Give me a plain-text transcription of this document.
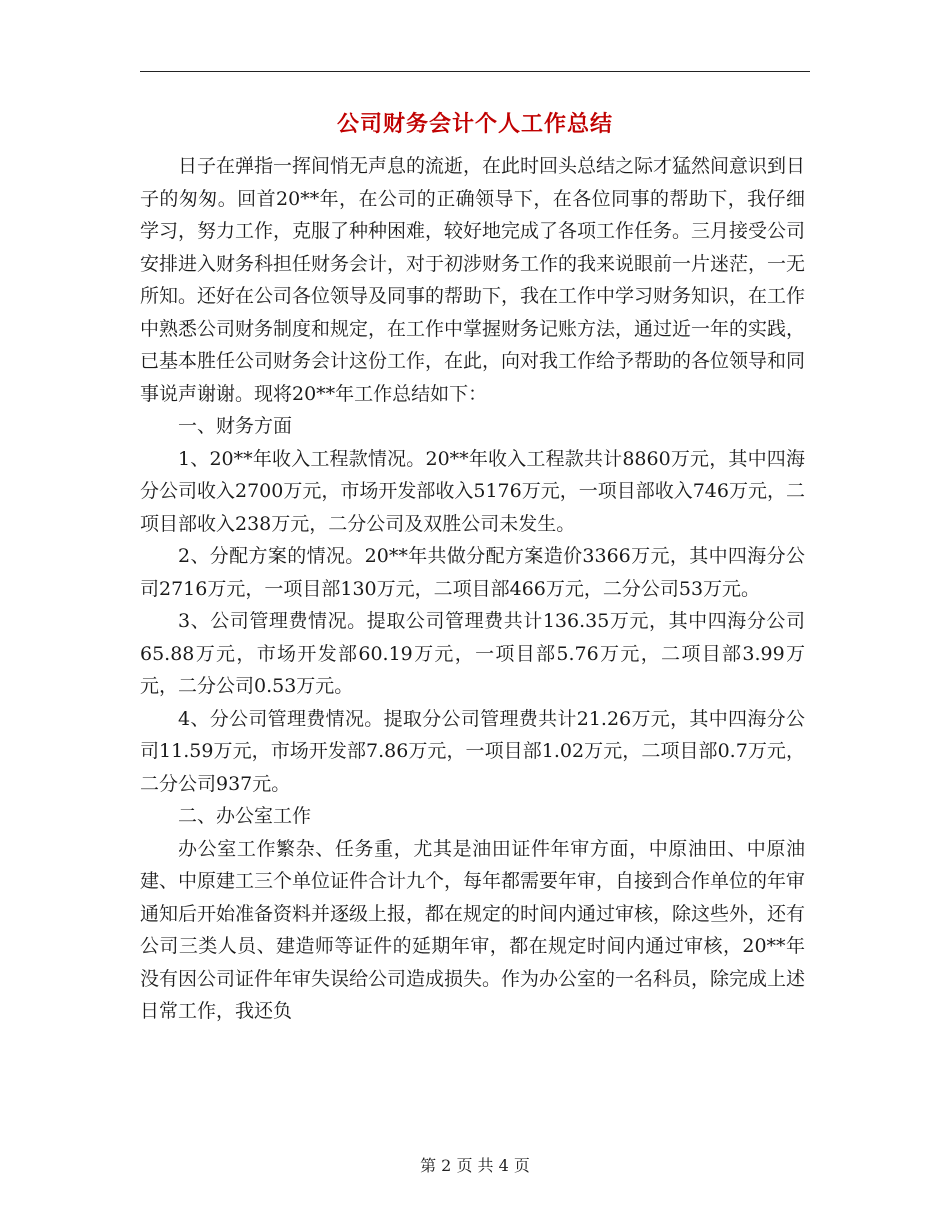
公司财务会计个人工作总结

日子在弹指一挥间悄无声息的流逝，在此时回头总结之际才猛然间意识到日子的匆匆。回首20**年，在公司的正确领导下，在各位同事的帮助下，我仔细学习，努力工作，克服了种种困难，较好地完成了各项工作任务。三月接受公司安排进入财务科担任财务会计，对于初涉财务工作的我来说眼前一片迷茫，一无所知。还好在公司各位领导及同事的帮助下，我在工作中学习财务知识，在工作中熟悉公司财务制度和规定，在工作中掌握财务记账方法，通过近一年的实践，已基本胜任公司财务会计这份工作，在此，向对我工作给予帮助的各位领导和同事说声谢谢。现将20**年工作总结如下：

一、财务方面

1、20**年收入工程款情况。20**年收入工程款共计8860万元，其中四海分公司收入2700万元，市场开发部收入5176万元，一项目部收入746万元，二项目部收入238万元，二分公司及双胜公司未发生。

2、分配方案的情况。20**年共做分配方案造价3366万元，其中四海分公司2716万元，一项目部130万元，二项目部466万元，二分公司53万元。

3、公司管理费情况。提取公司管理费共计136.35万元，其中四海分公司65.88万元，市场开发部60.19万元，一项目部5.76万元，二项目部3.99万元，二分公司0.53万元。

4、分公司管理费情况。提取分公司管理费共计21.26万元，其中四海分公司11.59万元，市场开发部7.86万元，一项目部1.02万元，二项目部0.7万元，二分公司937元。

二、办公室工作

办公室工作繁杂、任务重，尤其是油田证件年审方面，中原油田、中原油建、中原建工三个单位证件合计九个，每年都需要年审，自接到合作单位的年审通知后开始准备资料并逐级上报，都在规定的时间内通过审核，除这些外，还有公司三类人员、建造师等证件的延期年审，都在规定时间内通过审核，20**年没有因公司证件年审失误给公司造成损失。作为办公室的一名科员，除完成上述日常工作，我还负

第 2 页 共 4 页
